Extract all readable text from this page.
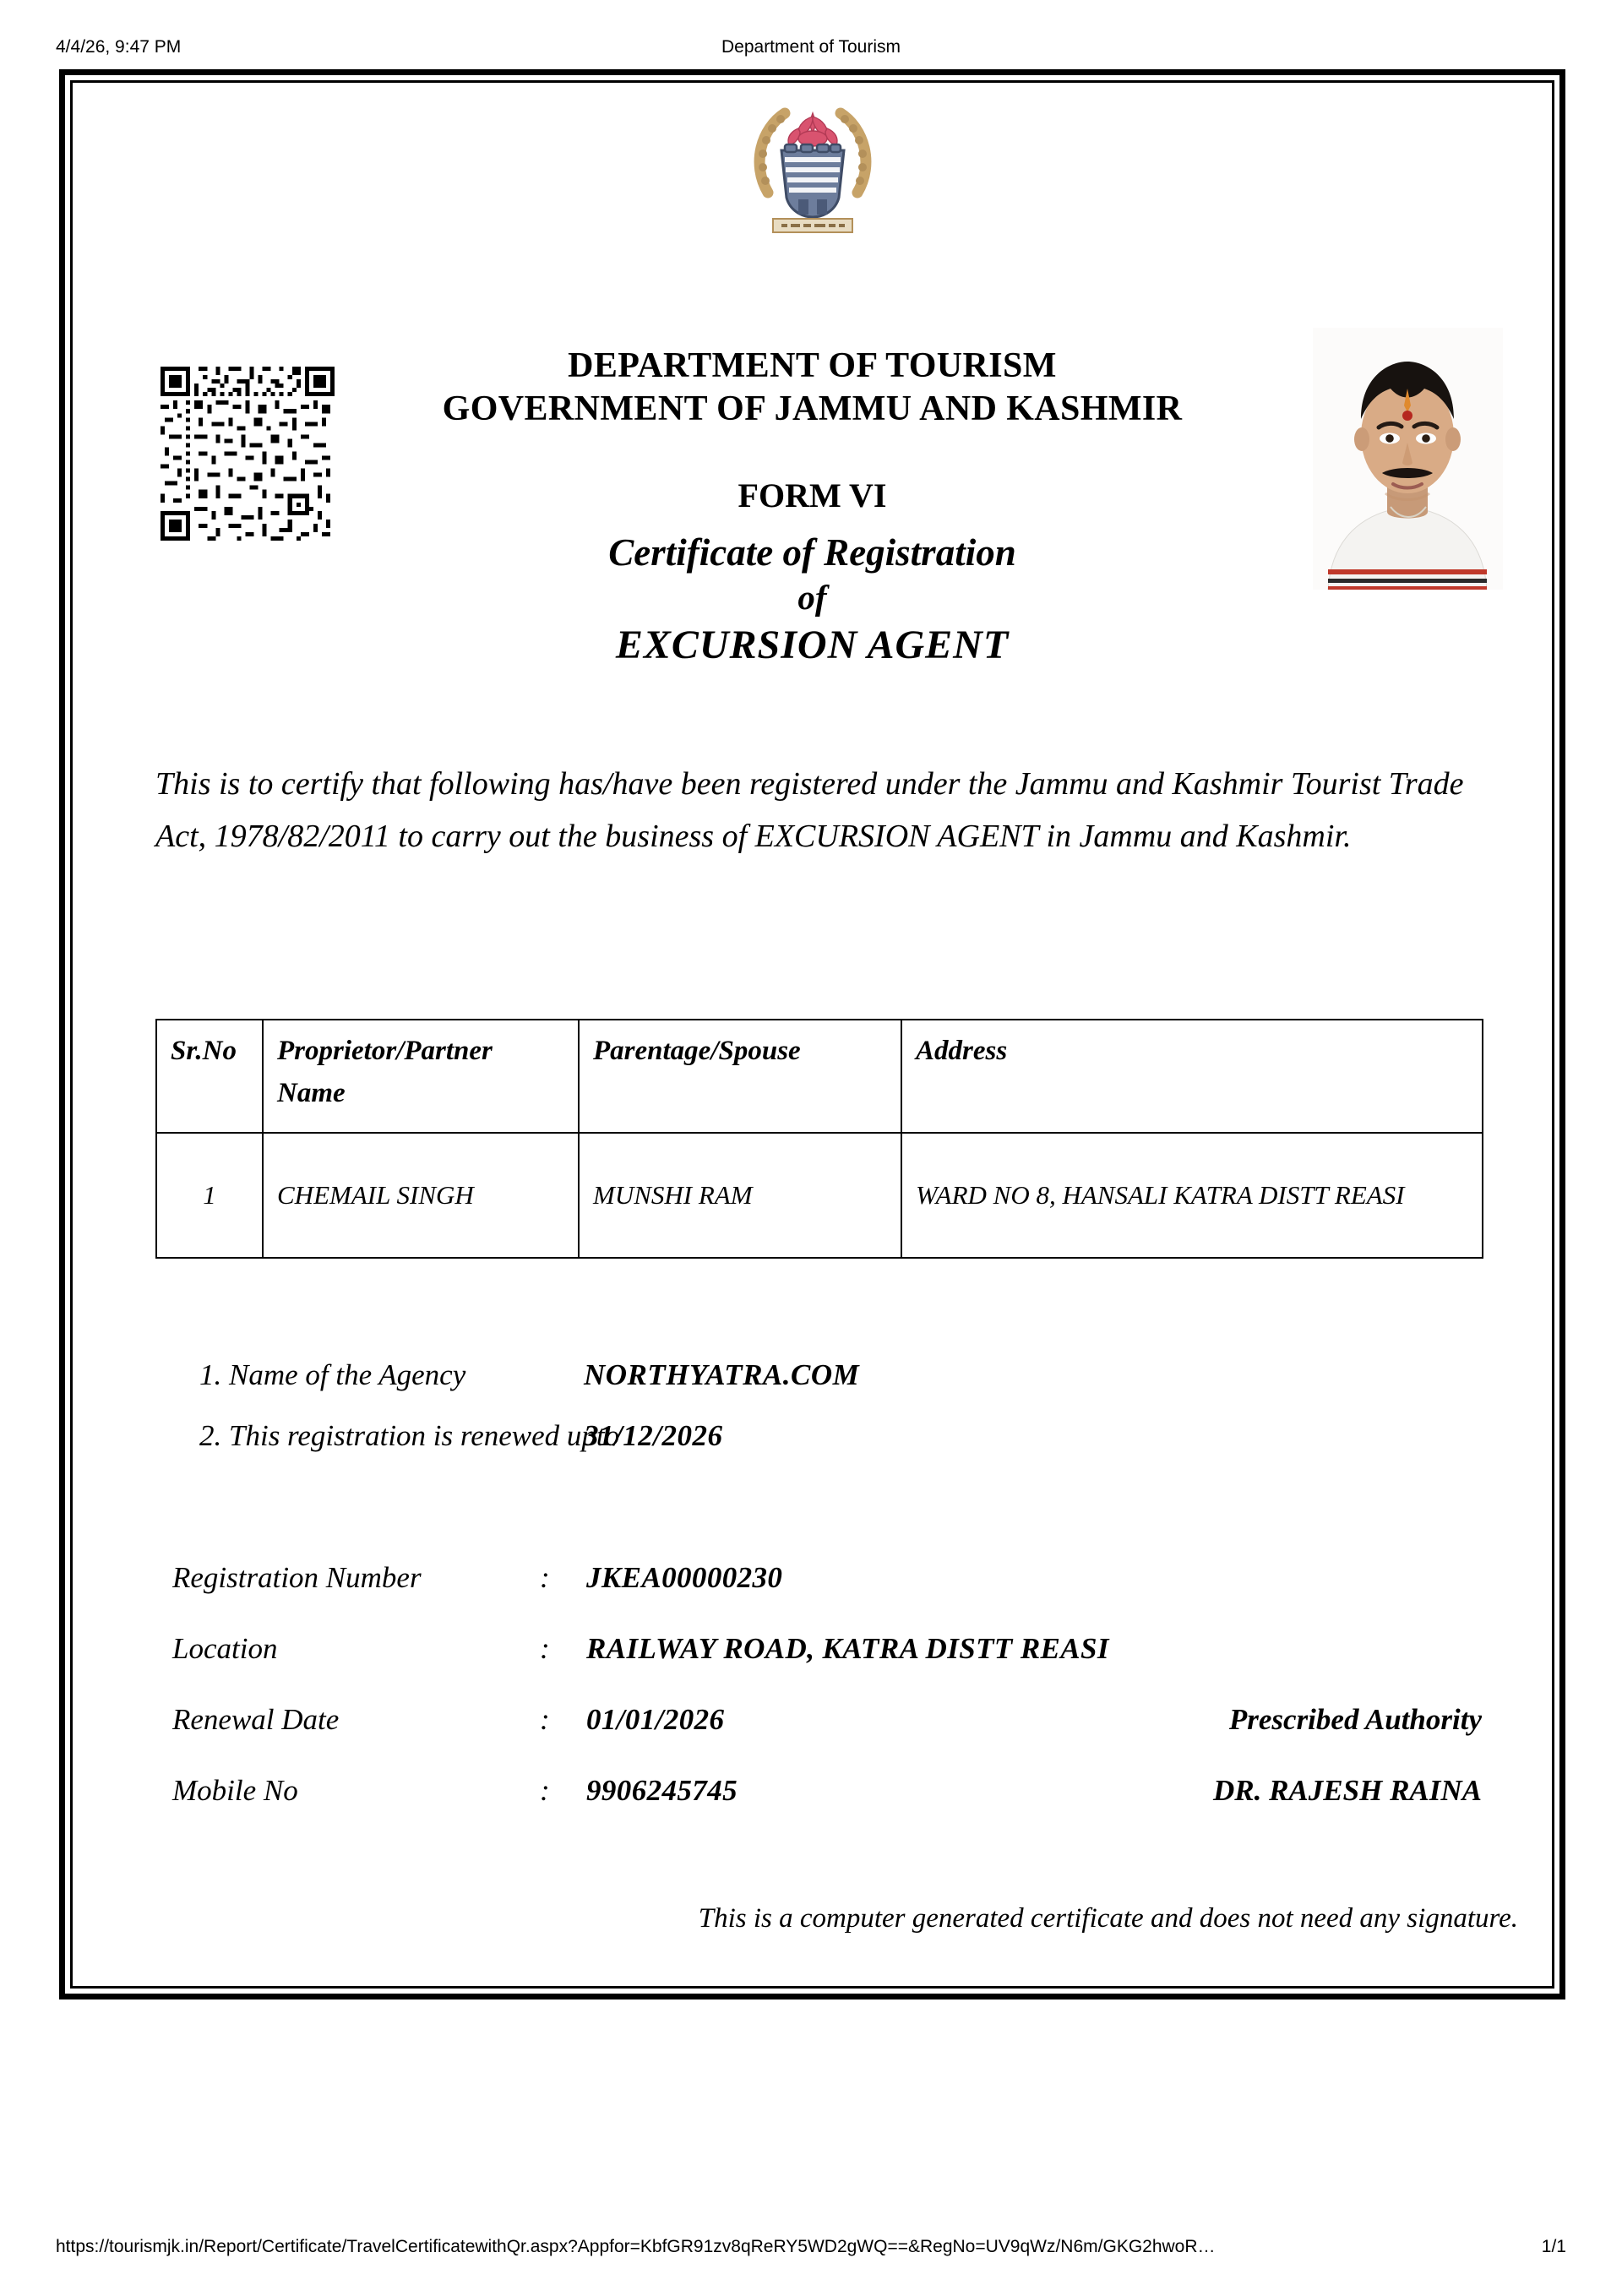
4/4/26, 9:47 PM	Department of Tourism
DEPARTMENT OF TOURISM
GOVERNMENT OF JAMMU AND KASHMIR
FORM VI
Certificate of Registration
of
EXCURSION AGENT
This is to certify that following has/have been registered under the Jammu and Kashmir Tourist Trade Act, 1978/82/2011 to carry out the business of EXCURSION AGENT in Jammu and Kashmir.
Sr.No	Proprietor/Partner Name	Parentage/Spouse	Address
1	CHEMAIL SINGH	MUNSHI RAM	WARD NO 8, HANSALI KATRA DISTT REASI
1. Name of the Agency	NORTHYATRA.COM
2. This registration is renewed upto
31/12/2026
Registration Number	: JKEA00000230
Location	: RAILWAY ROAD, KATRA DISTT REASI
Renewal Date	: 01/01/2026	Prescribed Authority
Mobile No	: 9906245745	DR. RAJESH RAINA
This is a computer generated certificate and does not need any signature.
https://tourismjk.in/Report/Certificate/TravelCertificatewithQr.aspx?Appfor=KbfGR91zv8qReRY5WD2gWQ==&RegNo=UV9qWz/N6m/GKG2hwoR…	1/1
